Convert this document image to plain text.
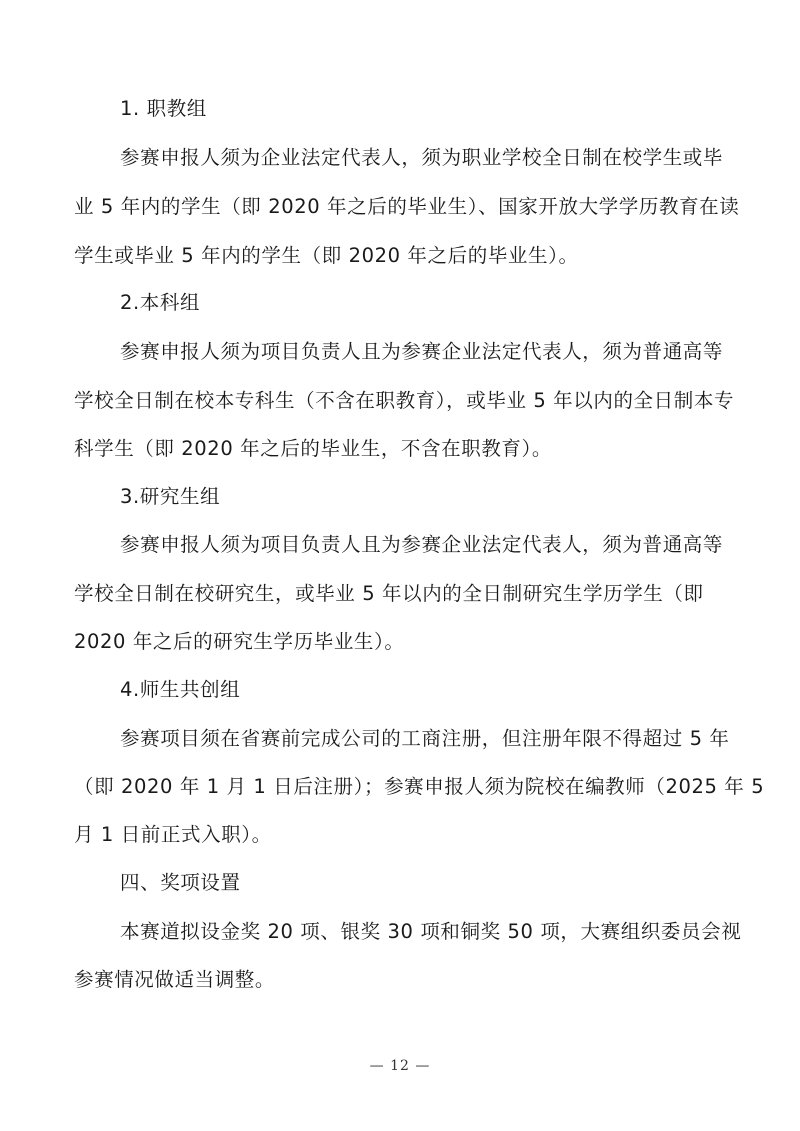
1. 职教组
参赛申报人须为企业法定代表人，须为职业学校全日制在校学生或毕
业 5 年内的学生（即 2020 年之后的毕业生）、国家开放大学学历教育在读
学生或毕业 5 年内的学生（即 2020 年之后的毕业生）。
2.本科组
参赛申报人须为项目负责人且为参赛企业法定代表人，须为普通高等
学校全日制在校本专科生（不含在职教育），或毕业 5 年以内的全日制本专
科学生（即 2020 年之后的毕业生，不含在职教育）。
3.研究生组
参赛申报人须为项目负责人且为参赛企业法定代表人，须为普通高等
学校全日制在校研究生，或毕业 5 年以内的全日制研究生学历学生（即
2020 年之后的研究生学历毕业生）。
4.师生共创组
参赛项目须在省赛前完成公司的工商注册，但注册年限不得超过 5 年
（即 2020 年 1 月 1 日后注册）；参赛申报人须为院校在编教师（2025 年 5
月 1 日前正式入职）。
四、奖项设置
本赛道拟设金奖 20 项、银奖 30 项和铜奖 50 项，大赛组织委员会视
参赛情况做适当调整。
— 12 —
